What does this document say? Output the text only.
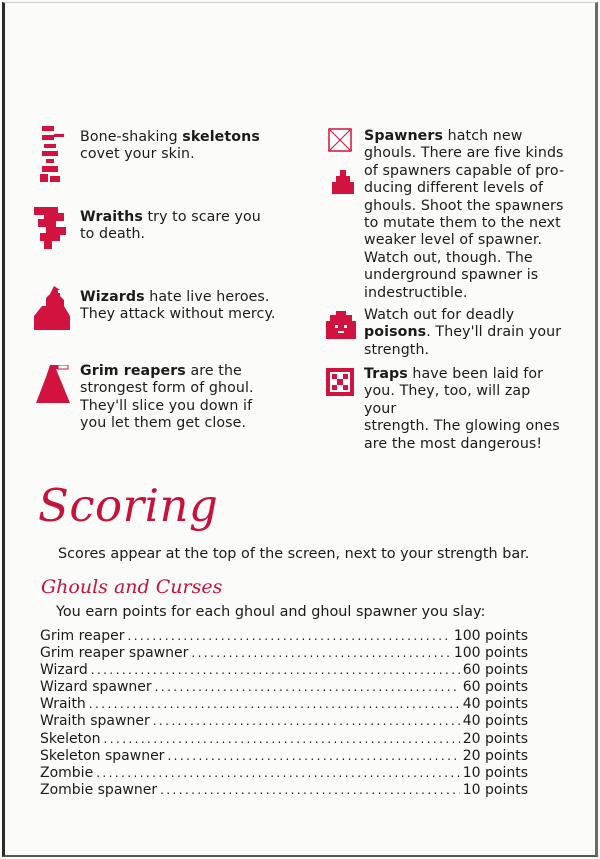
Bone-shaking skeletons
covet your skin.
Wraiths try to scare you
to death.
Wizards hate live heroes.
They attack without mercy.
Grim reapers are the
strongest form of ghoul.
They'll slice you down if
you let them get close.
Spawners hatch new
ghouls. There are five kinds
of spawners capable of pro-
ducing different levels of
ghouls. Shoot the spawners
to mutate them to the next
weaker level of spawner.
Watch out, though. The
underground spawner is
indestructible.
Watch out for deadly
poisons. They'll drain your
strength.
Traps have been laid for
you. They, too, will zap your
strength. The glowing ones
are the most dangerous!
Scoring
Scores appear at the top of the screen, next to your strength bar.
Ghouls and Curses
You earn points for each ghoul and ghoul spawner you slay:
Grim reaper .....	100 points
Grim reaper spawner .....	100 points
Wizard .....	60 points
Wizard spawner .....	60 points
Wraith .....	40 points
Wraith spawner .....	40 points
Skeleton .....	20 points
Skeleton spawner .....	20 points
Zombie .....	10 points
Zombie spawner .....	10 points
